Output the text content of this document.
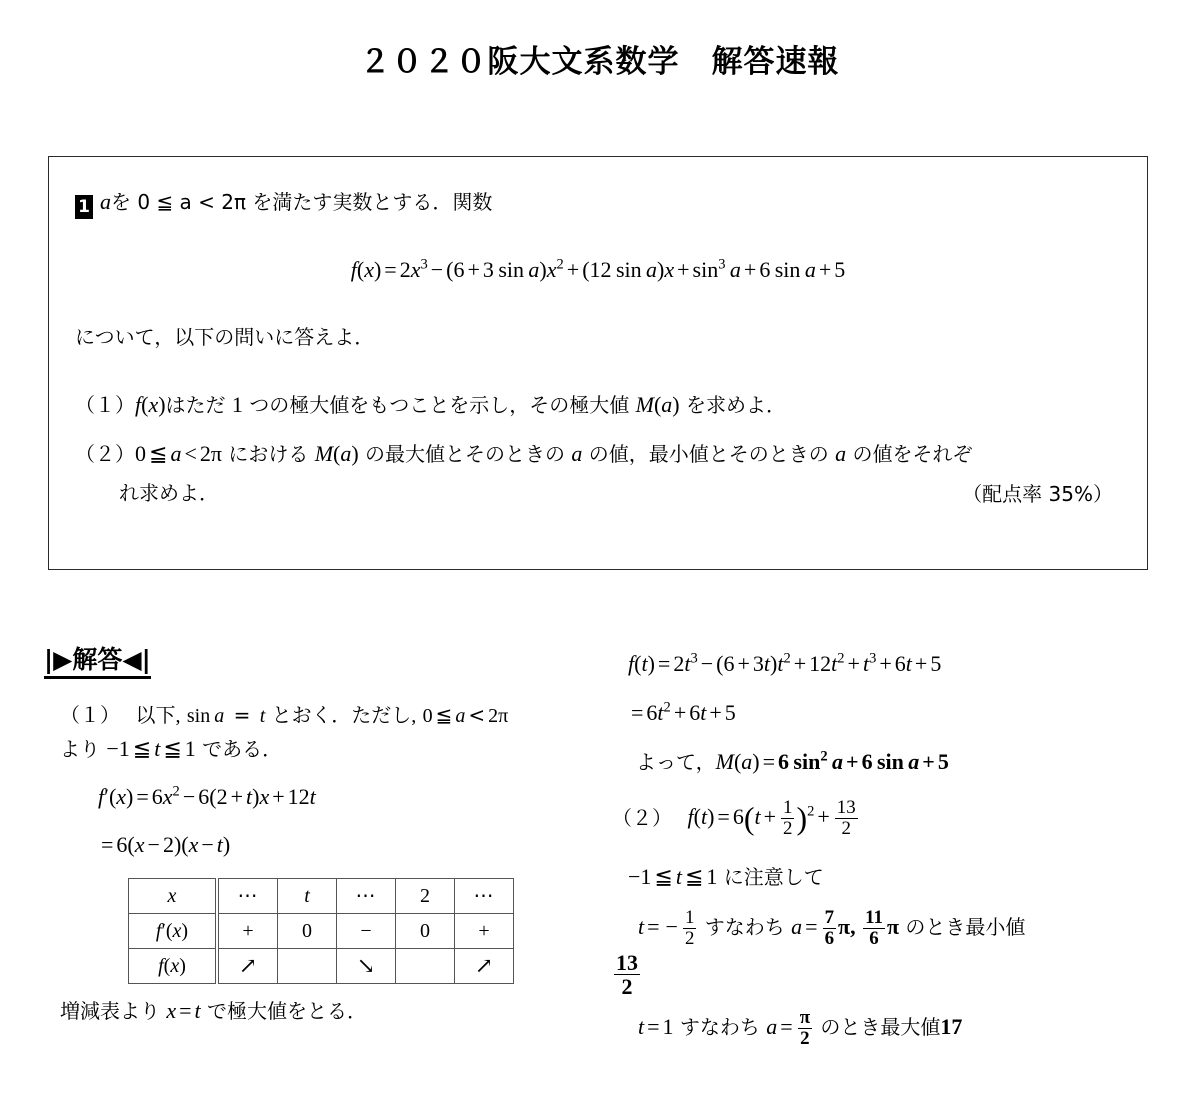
２０２０阪大文系数学　解答速報
1 aを 0 ≦ a < 2π を満たす実数とする．関数
$f(x) = 2x^3 - (6 + 3$  $\sin a)x^2 + (12$  $\sin a)x + \sin^3 a + 6$  sin  a + 5
について，以下の問いに答えよ．
（１）f(x)はただ 1 つの極大値をもつことを示し，その極大値 M(a) を求めよ．
（２）0 ≦ a < 2π における M(a) の最大値とそのときの a の値，最小値とそのときの a の値をそれぞ
れ求めよ．	（配点率 35%）
|▶解答◀|
（１） 以下, sin  a = t とおく．ただし, 0 ≦ a < 2π
より −1 ≦ t ≦ 1 である．
$f'(x) = 6x^2 - 6(2 + t)x + 12t$
= 6(x − 2)(x − t)
x	⋯	t	⋯	2	⋯
f′(x)	+	0	−	0	+
f(x)	↗		↘		↗
増減表より x = t で極大値をとる．
$f(t) = 2t^3 - (6 + 3t)t^2 + 12t^2 + t^3 + 6t + 5$
= $6t^2 + 6t + 5$
よって，M(a) = 6  $\sin^2 a + 6$  sin  a + 5
（２） $f(t) = 6(t + \frac{1}{2} )^2 + \frac{13}{2}$
−1 ≦ t ≦ 1 に注意して
t = − $\frac{1}{2}$ すなわち $a = \frac{7}{6} \pi$, $\frac{11}{6}$ π のとき最小値
$\frac{13}{2}$
t = 1 すなわち $a = \frac{\pi}{2}$ のとき最大値17
